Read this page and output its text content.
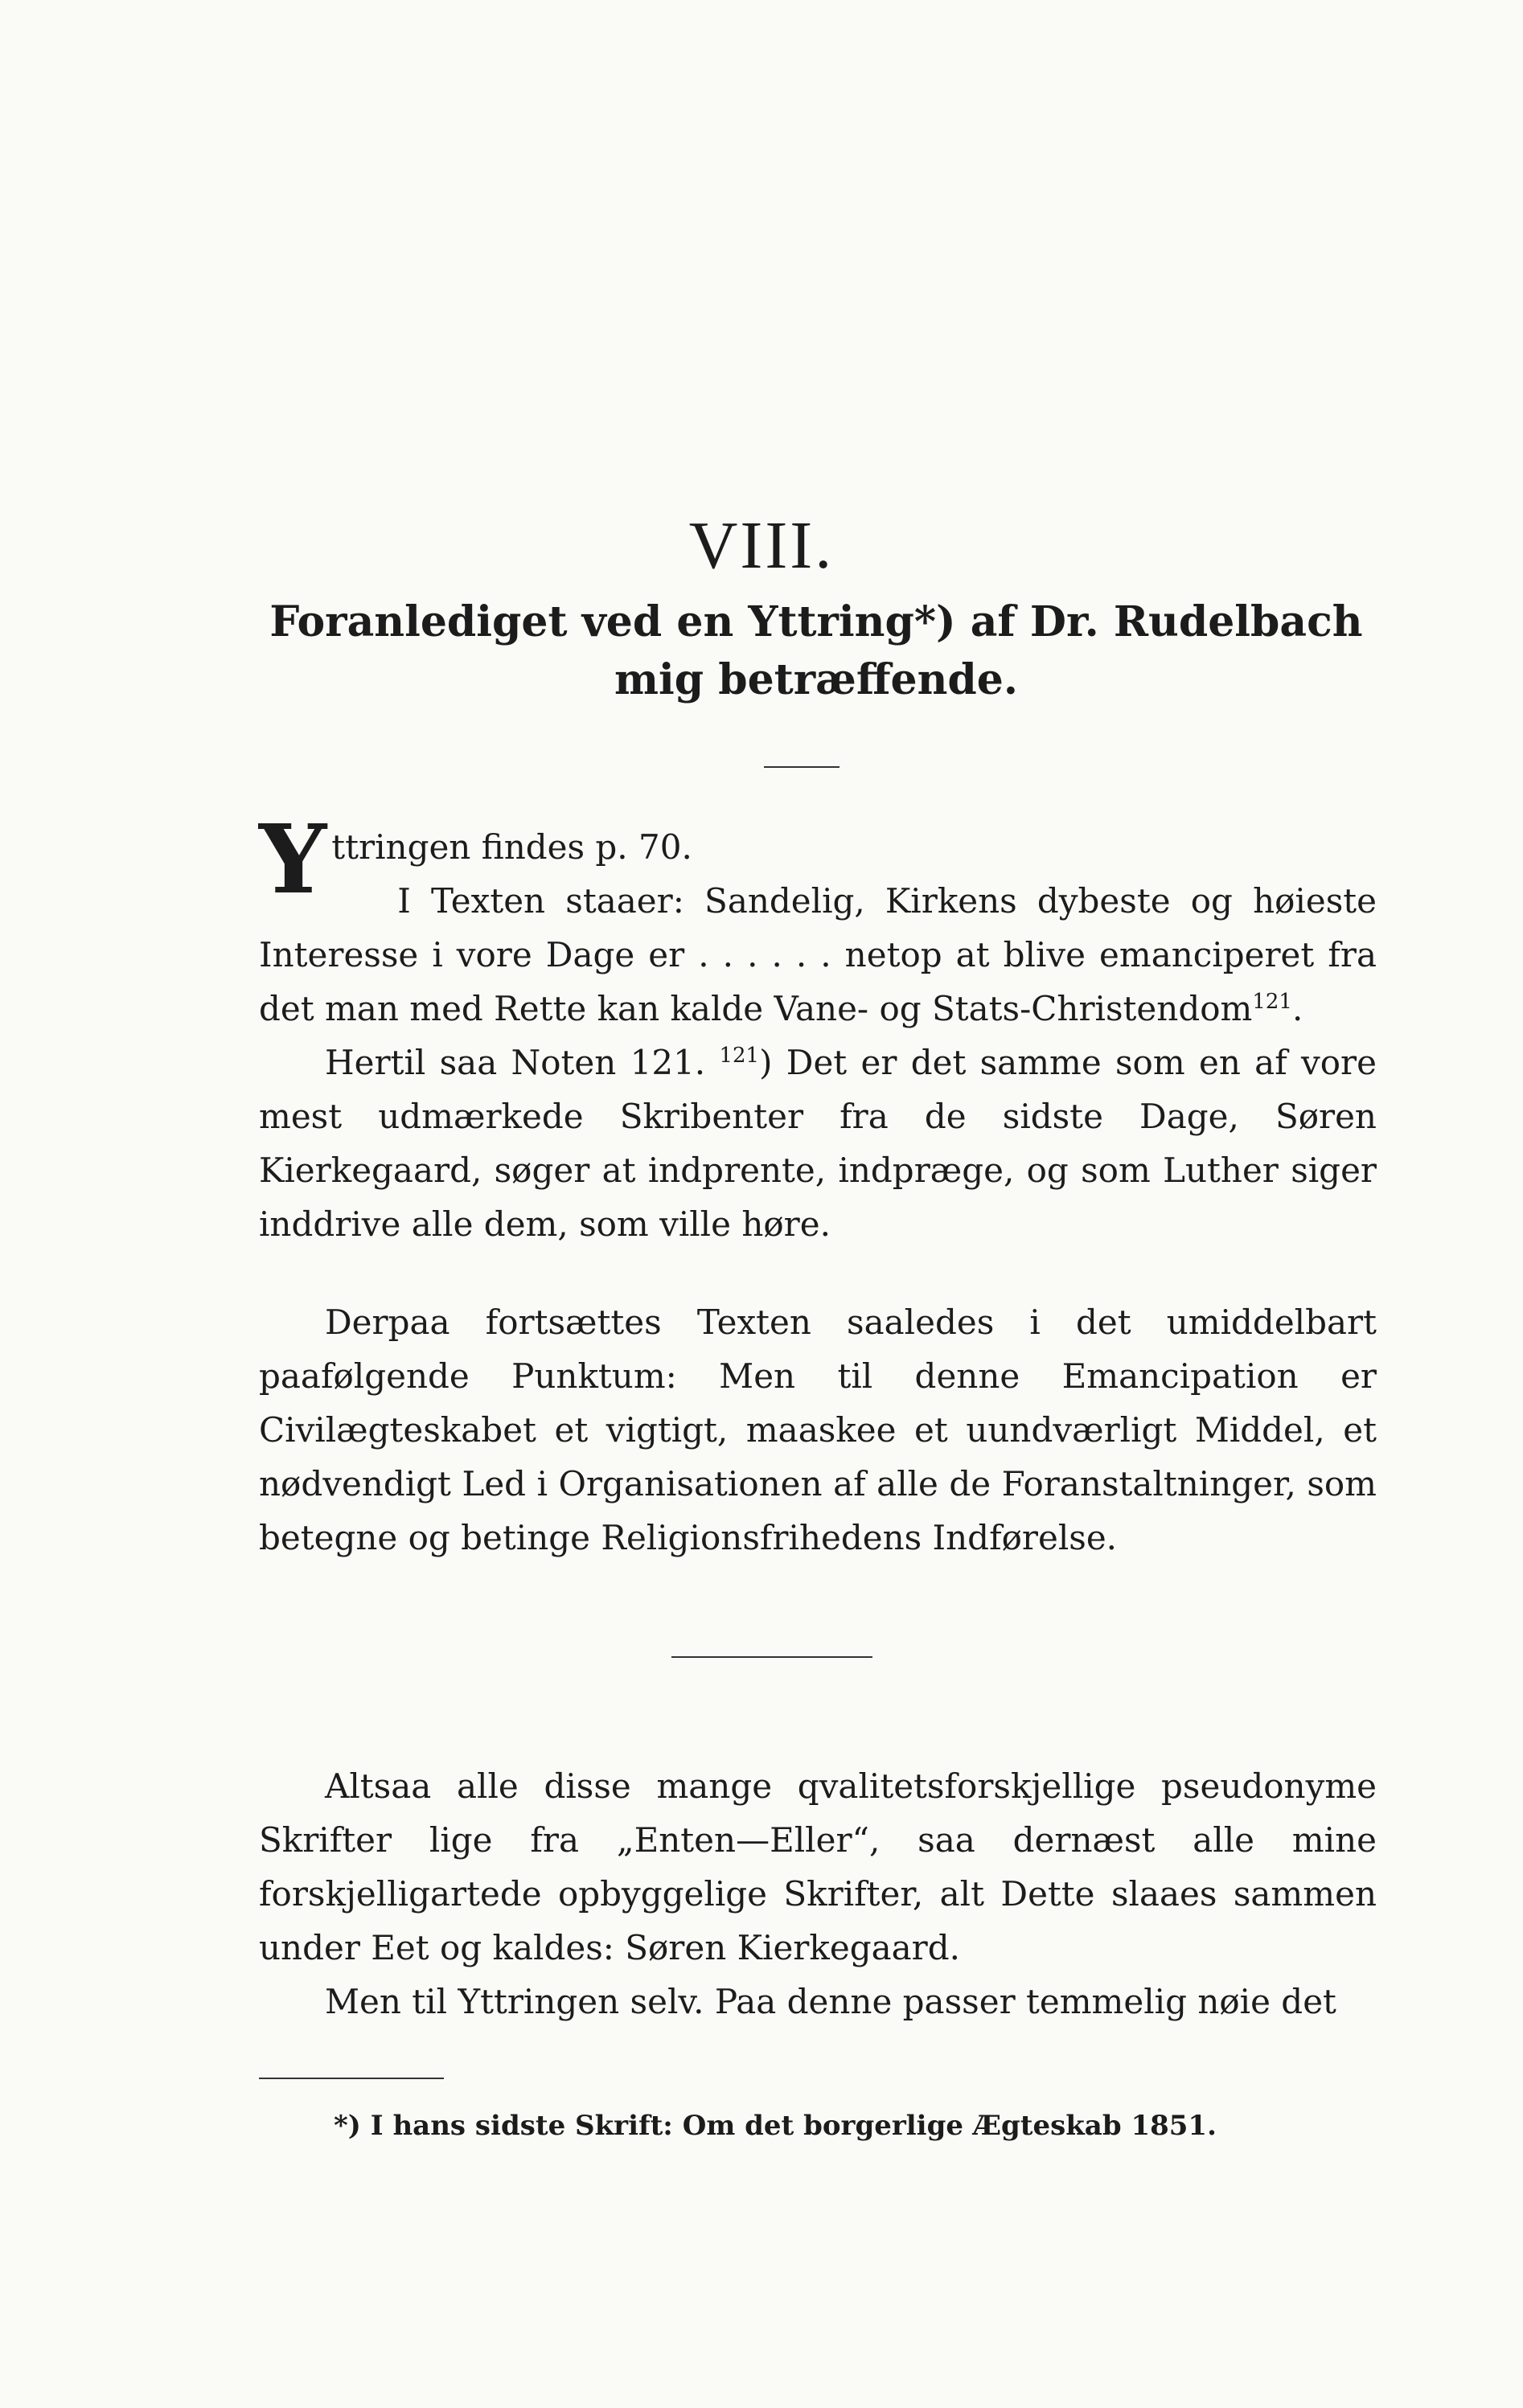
VIII.
Foranlediget ved en Yttring*) af Dr. Rudelbach mig betræffende.

Yttringen findes p. 70.
I Texten staaer: Sandelig, Kirkens dybeste og høieste Interesse i vore Dage er . . . . . . netop at blive emanciperet fra det man med Rette kan kalde Vane- og Stats-Christendom$^{121}$.
Hertil saa Noten 121. $^{121}$) Det er det samme som en af vore mest udmærkede Skribenter fra de sidste Dage, Søren Kierkegaard, søger at indprente, indpræge, og som Luther siger inddrive alle dem, som ville høre.

Derpaa fortsættes Texten saaledes i det umiddelbart paafølgende Punktum: Men til denne Emancipation er Civilægteskabet et vigtigt, maaskee et uundværligt Middel, et nødvendigt Led i Organisationen af alle de Foranstaltninger, som betegne og betinge Religionsfrihedens Indførelse.

Altsaa alle disse mange qvalitetsforskjellige pseudonyme Skrifter lige fra „Enten—Eller“, saa dernæst alle mine forskjelligartede opbyggelige Skrifter, alt Dette slaaes sammen under Eet og kaldes: Søren Kierkegaard.
Men til Yttringen selv. Paa denne passer temmelig nøie det

*) I hans sidste Skrift: Om det borgerlige Ægteskab 1851.
